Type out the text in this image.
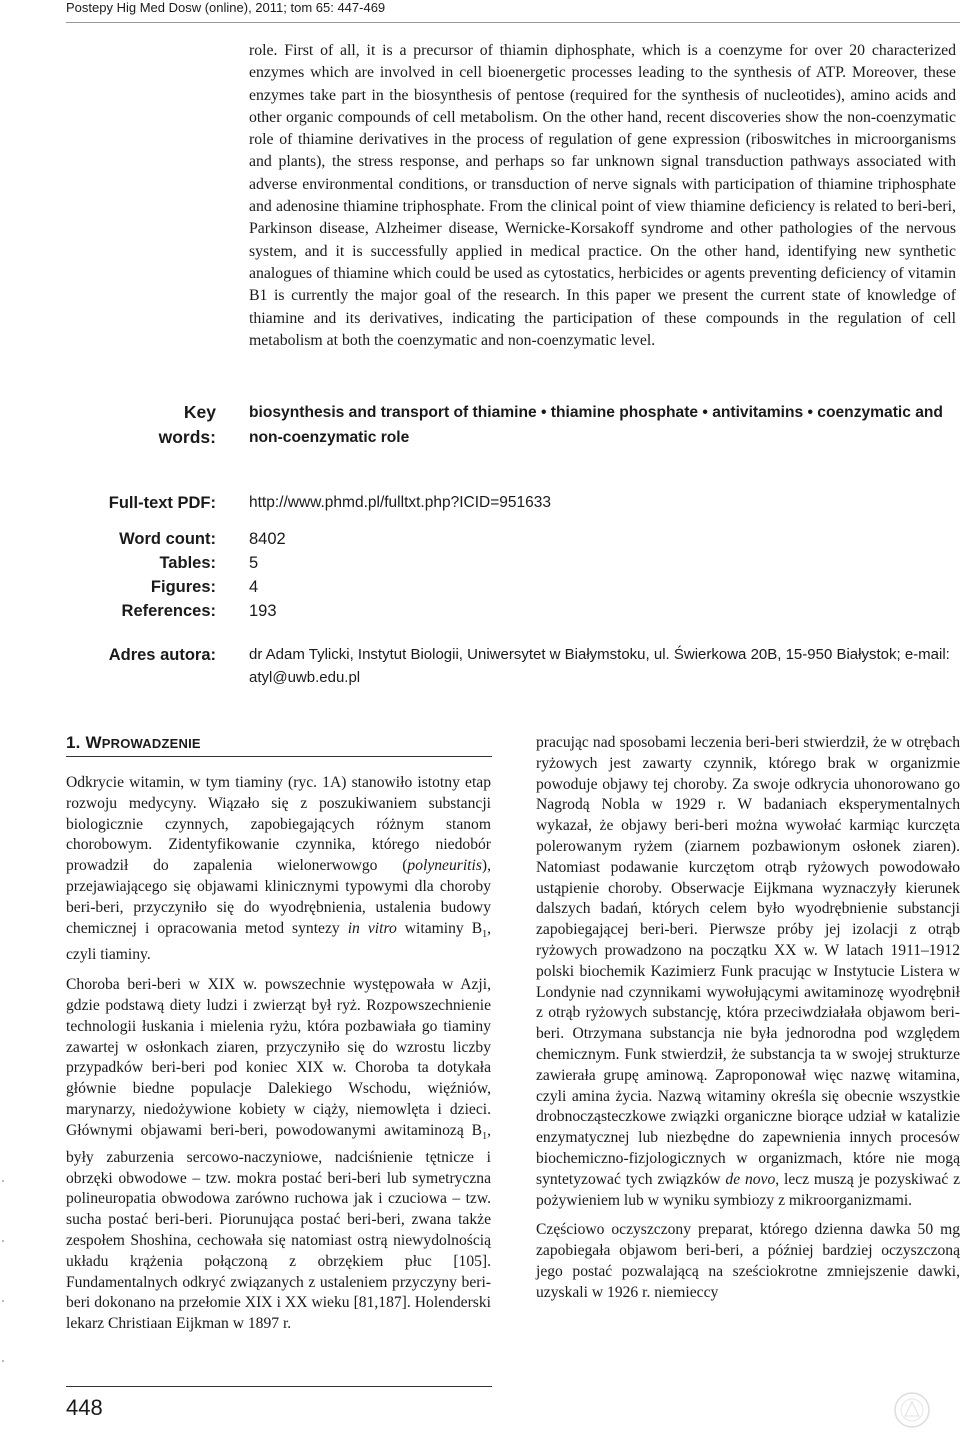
Postepy Hig Med Dosw (online), 2011; tom 65: 447-469

role. First of all, it is a precursor of thiamin diphosphate, which is a coenzyme for over 20 characterized enzymes which are involved in cell bioenergetic processes leading to the synthesis of ATP. Moreover, these enzymes take part in the biosynthesis of pentose (required for the synthesis of nucleotides), amino acids and other organic compounds of cell metabolism. On the other hand, recent discoveries show the non-coenzymatic role of thiamine derivatives in the process of regulation of gene expression (riboswitches in microorganisms and plants), the stress response, and perhaps so far unknown signal transduction pathways associated with adverse environmental conditions, or transduction of nerve signals with participation of thiamine triphosphate and adenosine thiamine triphosphate. From the clinical point of view thiamine deficiency is related to beri-beri, Parkinson disease, Alzheimer disease, Wernicke-Korsakoff syndrome and other pathologies of the nervous system, and it is successfully applied in medical practice. On the other hand, identifying new synthetic analogues of thiamine which could be used as cytostatics, herbicides or agents preventing deficiency of vitamin B1 is currently the major goal of the research. In this paper we present the current state of knowledge of thiamine and its derivatives, indicating the participation of these compounds in the regulation of cell metabolism at both the coenzymatic and non-coenzymatic level.

Key words:
biosynthesis and transport of thiamine • thiamine phosphate • antivitamins • coenzymatic and non-coenzymatic role
Full-text PDF: http://www.phmd.pl/fulltxt.php?ICID=951633
Word count: 8402
Tables: 5
Figures: 4
References: 193
Adres autora: dr Adam Tylicki, Instytut Biologii, Uniwersytet w Białymstoku, ul. Świerkowa 20B, 15-950 Białystok; e-mail: atyl@uwb.edu.pl
1. WPROWADZENIE

Odkrycie witamin, w tym tiaminy (ryc. 1A) stanowiło istotny etap rozwoju medycyny. Wiązało się z poszukiwaniem substancji biologicznie czynnych, zapobiegających różnym stanom chorobowym. Zidentyfikowanie czynnika, którego niedobór prowadził do zapalenia wielonerwowgo (polyneuritis), przejawiającego się objawami klinicznymi typowymi dla choroby beri-beri, przyczyniło się do wyodrębnienia, ustalenia budowy chemicznej i opracowania metod syntezy in vitro witaminy $B_1$, czyli tiaminy.

Choroba beri-beri w XIX w. powszechnie występowała w Azji, gdzie podstawą diety ludzi i zwierząt był ryż. Rozpowszechnienie technologii łuskania i mielenia ryżu, która pozbawiała go tiaminy zawartej w osłonkach ziaren, przyczyniło się do wzrostu liczby przypadków beri-beri pod koniec XIX w. Choroba ta dotykała głównie biedne populacje Dalekiego Wschodu, więźniów, marynarzy, niedożywione kobiety w ciąży, niemowlęta i dzieci. Głównymi objawami beri-beri, powodowanymi awitaminozą $B_1$, były zaburzenia sercowo-naczyniowe, nadciśnienie tętnicze i obrzęki obwodowe – tzw. mokra postać beri-beri lub symetryczna polineuropatia obwodowa zarówno ruchowa jak i czuciowa – tzw. sucha postać beri-beri. Piorunująca postać beri-beri, zwana także zespołem Shoshina, cechowała się natomiast ostrą niewydolnością układu krążenia połączoną z obrzękiem płuc [105]. Fundamentalnych odkryć związanych z ustaleniem przyczyny beri-beri dokonano na przełomie XIX i XX wieku [81,187]. Holenderski lekarz Christiaan Eijkman w 1897 r.

pracując nad sposobami leczenia beri-beri stwierdził, że w otrębach ryżowych jest zawarty czynnik, którego brak w organizmie powoduje objawy tej choroby. Za swoje odkrycia uhonorowano go Nagrodą Nobla w 1929 r. W badaniach eksperymentalnych wykazał, że objawy beri-beri można wywołać karmiąc kurczęta polerowanym ryżem (ziarnem pozbawionym osłonek ziaren). Natomiast podawanie kurczętom otrąb ryżowych powodowało ustąpienie choroby. Obserwacje Eijkmana wyznaczyły kierunek dalszych badań, których celem było wyodrębnienie substancji zapobiegającej beri-beri. Pierwsze próby jej izolacji z otrąb ryżowych prowadzono na początku XX w. W latach 1911–1912 polski biochemik Kazimierz Funk pracując w Instytucie Listera w Londynie nad czynnikami wywołującymi awitaminozę wyodrębnił z otrąb ryżowych substancję, która przeciwdziałała objawom beri-beri. Otrzymana substancja nie była jednorodna pod względem chemicznym. Funk stwierdził, że substancja ta w swojej strukturze zawierała grupę aminową. Zaproponował więc nazwę witamina, czyli amina życia. Nazwą witaminy określa się obecnie wszystkie drobnocząsteczkowe związki organiczne biorące udział w katalizie enzymatycznej lub niezbędne do zapewnienia innych procesów biochemiczno-fizjologicznych w organizmach, które nie mogą syntetyzować tych związków de novo, lecz muszą je pozyskiwać z pożywieniem lub w wyniku symbiozy z mikroorganizmami.

Częściowo oczyszczony preparat, którego dzienna dawka 50 mg zapobiegała objawom beri-beri, a później bardziej oczyszczoną jego postać pozwalającą na sześciokrotne zmniejszenie dawki, uzyskali w 1926 r. niemieccy

448
